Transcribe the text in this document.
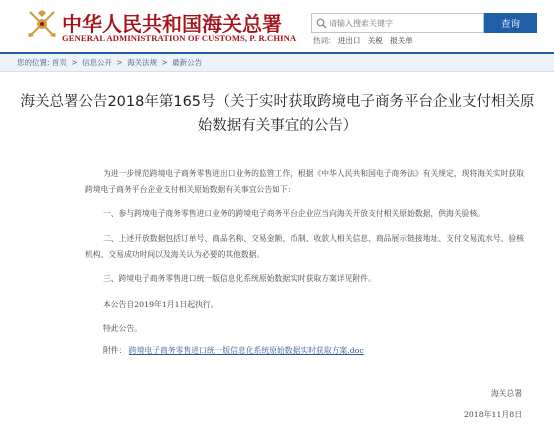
中华人民共和国海关总署
GENERAL ADMINISTRATION OF CUSTOMS, P. R.CHINA
请输入搜索关键字
查询
热词: 进出口 关税 报关单
您的位置: 首页 > 信息公开 > 海关法规 > 最新公告
海关总署公告2018年第165号（关于实时获取跨境电子商务平台企业支付相关原始数据有关事宜的公告）
为进一步规范跨境电子商务零售进出口业务的监管工作，根据《中华人民共和国电子商务法》有关规定，现将海关实时获取跨境电子商务平台企业支付相关原始数据有关事宜公告如下：
一、参与跨境电子商务零售进口业务的跨境电子商务平台企业应当向海关开放支付相关原始数据，供海关验核。
二、上述开放数据包括订单号、商品名称、交易金额、币制、收款人相关信息、商品展示链接地址、支付交易流水号、验核机构、交易成功时间以及海关认为必要的其他数据。
三、跨境电子商务零售进口统一版信息化系统原始数据实时获取方案详见附件。
本公告自2019年1月1日起执行。
特此公告。
附件： 跨境电子商务零售进口统一版信息化系统原始数据实时获取方案.doc
海关总署
2018年11月8日
